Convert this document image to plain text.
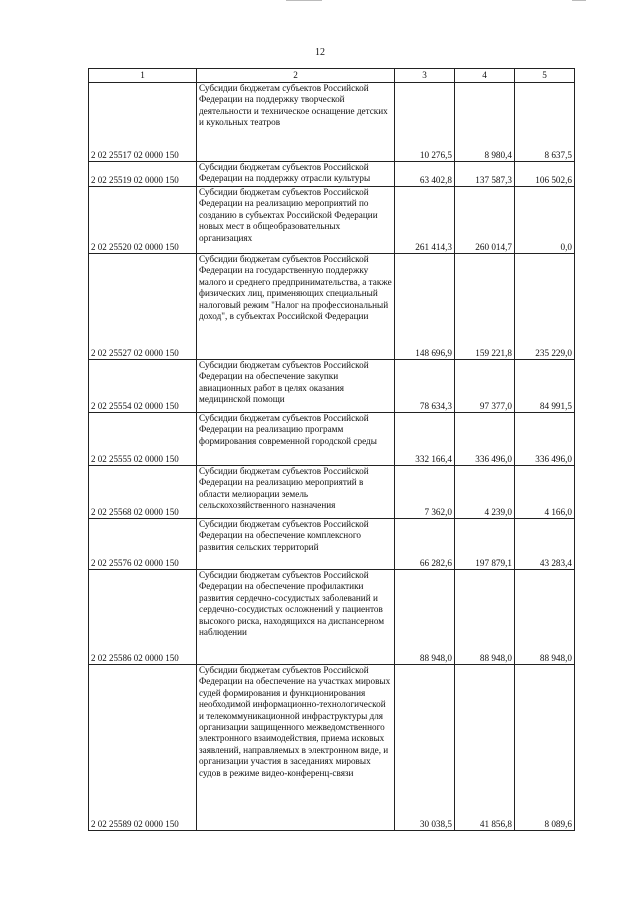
12
1	2	3	4	5
2 02 25517 02 0000 150	Субсидии бюджетам субъектов Российской Федерации на поддержку творческой деятельности и техническое оснащение детских и кукольных театров	10 276,5	8 980,4	8 637,5
2 02 25519 02 0000 150	Субсидии бюджетам субъектов Российской Федерации на поддержку отрасли культуры	63 402,8	137 587,3	106 502,6
2 02 25520 02 0000 150	Субсидии бюджетам субъектов Российской Федерации на реализацию мероприятий по созданию в субъектах Российской Федерации новых мест в общеобразовательных организациях	261 414,3	260 014,7	0,0
2 02 25527 02 0000 150	Субсидии бюджетам субъектов Российской Федерации на государственную поддержку малого и среднего предпринимательства, а также физических лиц, применяющих специальный налоговый режим "Налог на профессиональный доход", в субъектах Российской Федерации	148 696,9	159 221,8	235 229,0
2 02 25554 02 0000 150	Субсидии бюджетам субъектов Российской Федерации на обеспечение закупки авиационных работ в целях оказания медицинской помощи	78 634,3	97 377,0	84 991,5
2 02 25555 02 0000 150	Субсидии бюджетам субъектов Российской Федерации на реализацию программ формирования современной городской среды	332 166,4	336 496,0	336 496,0
2 02 25568 02 0000 150	Субсидии бюджетам субъектов Российской Федерации на реализацию мероприятий в области мелиорации земель сельскохозяйственного назначения	7 362,0	4 239,0	4 166,0
2 02 25576 02 0000 150	Субсидии бюджетам субъектов Российской Федерации на обеспечение комплексного развития сельских территорий	66 282,6	197 879,1	43 283,4
2 02 25586 02 0000 150	Субсидии бюджетам субъектов Российской Федерации на обеспечение профилактики развития сердечно-сосудистых заболеваний и сердечно-сосудистых осложнений у пациентов высокого риска, находящихся на диспансерном наблюдении	88 948,0	88 948,0	88 948,0
2 02 25589 02 0000 150	Субсидии бюджетам субъектов Российской Федерации на обеспечение на участках мировых судей формирования и функционирования необходимой информационно-технологической и телекоммуникационной инфраструктуры для организации защищенного межведомственного электронного взаимодействия, приема исковых заявлений, направляемых в электронном виде, и организации участия в заседаниях мировых судов в режиме видео-конференц-связи	30 038,5	41 856,8	8 089,6
